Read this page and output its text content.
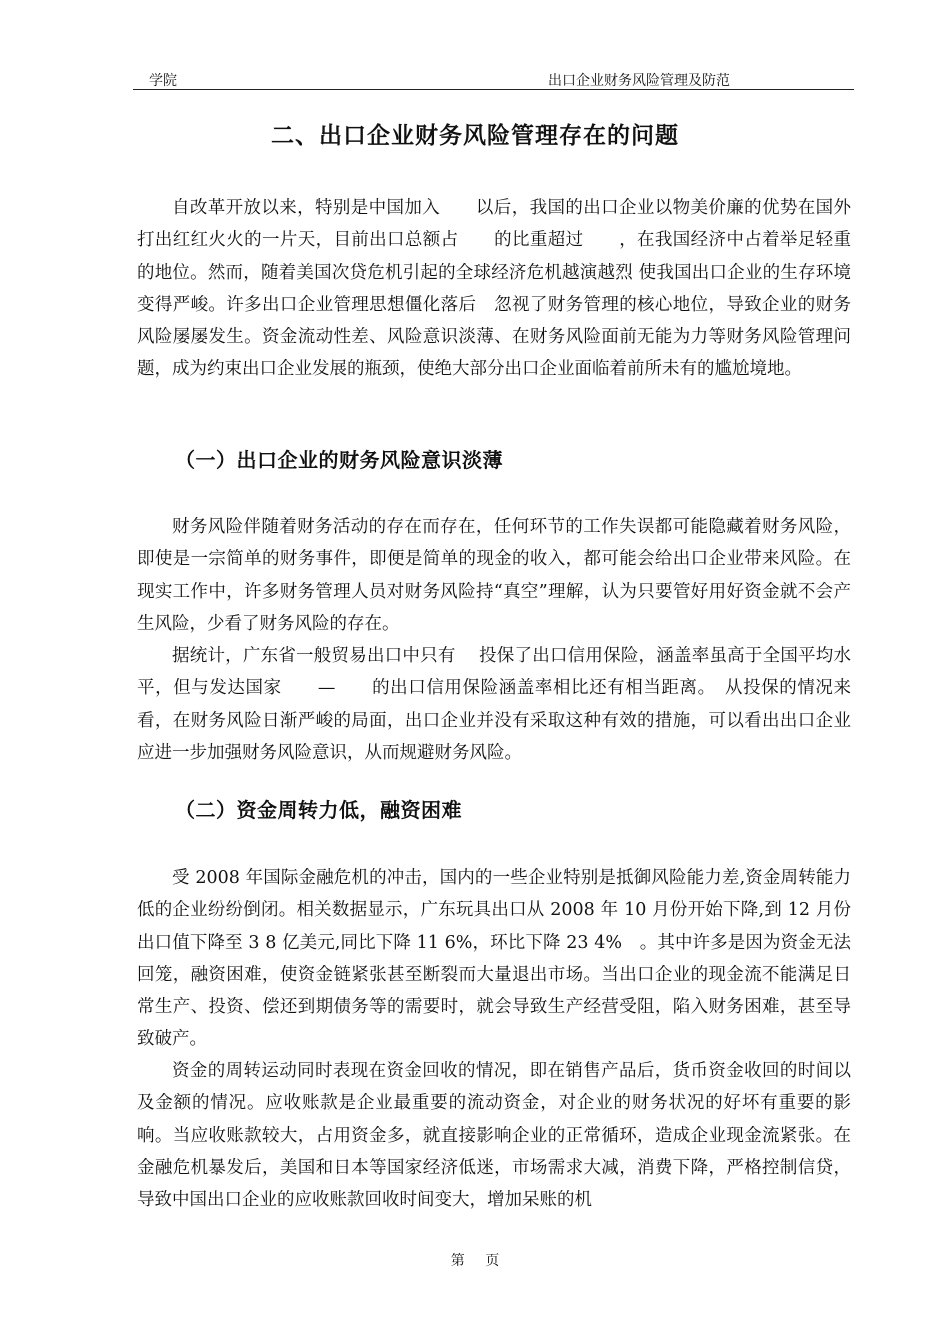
学院	出口企业财务风险管理及防范
二、出口企业财务风险管理存在的问题

自改革开放以来，特别是中国加入　　以后，我国的出口企业以物美价廉的优势在国外打出红红火火的一片天，目前出口总额占　　的比重超过　　，在我国经济中占着举足轻重的地位。然而，随着美国次贷危机引起的全球经济危机越演越烈 使我国出口企业的生存环境变得严峻。许多出口企业管理思想僵化落后　忽视了财务管理的核心地位，导致企业的财务风险屡屡发生。资金流动性差、风险意识淡薄、在财务风险面前无能为力等财务风险管理问题，成为约束出口企业发展的瓶颈，使绝大部分出口企业面临着前所未有的尴尬境地。

（一）出口企业的财务风险意识淡薄

财务风险伴随着财务活动的存在而存在，任何环节的工作失误都可能隐藏着财务风险，即使是一宗简单的财务事件，即便是简单的现金的收入，都可能会给出口企业带来风险。在现实工作中，许多财务管理人员对财务风险持“真空”理解，认为只要管好用好资金就不会产生风险，少看了财务风险的存在。

据统计，广东省一般贸易出口中只有　 投保了出口信用保险，涵盖率虽高于全国平均水平，但与发达国家　　—　　的出口信用保险涵盖率相比还有相当距离。　从投保的情况来看，在财务风险日渐严峻的局面，出口企业并没有采取这种有效的措施，可以看出出口企业应进一步加强财务风险意识，从而规避财务风险。

（二）资金周转力低，融资困难

受 2008 年国际金融危机的冲击，国内的一些企业特别是抵御风险能力差,资金周转能力低的企业纷纷倒闭。相关数据显示，广东玩具出口从 2008 年 10 月份开始下降,到 12 月份出口值下降至 3 8 亿美元,同比下降 11 6%，环比下降 23 4%　。其中许多是因为资金无法回笼，融资困难，使资金链紧张甚至断裂而大量退出市场。当出口企业的现金流不能满足日常生产、投资、偿还到期债务等的需要时，就会导致生产经营受阻，陷入财务困难，甚至导致破产。

资金的周转运动同时表现在资金回收的情况，即在销售产品后，货币资金收回的时间以及金额的情况。应收账款是企业最重要的流动资金，对企业的财务状况的好坏有重要的影响。当应收账款较大，占用资金多，就直接影响企业的正常循环，造成企业现金流紧张。在金融危机暴发后，美国和日本等国家经济低迷，市场需求大减，消费下降，严格控制信贷，导致中国出口企业的应收账款回收时间变大，增加呆账的机

第 页
